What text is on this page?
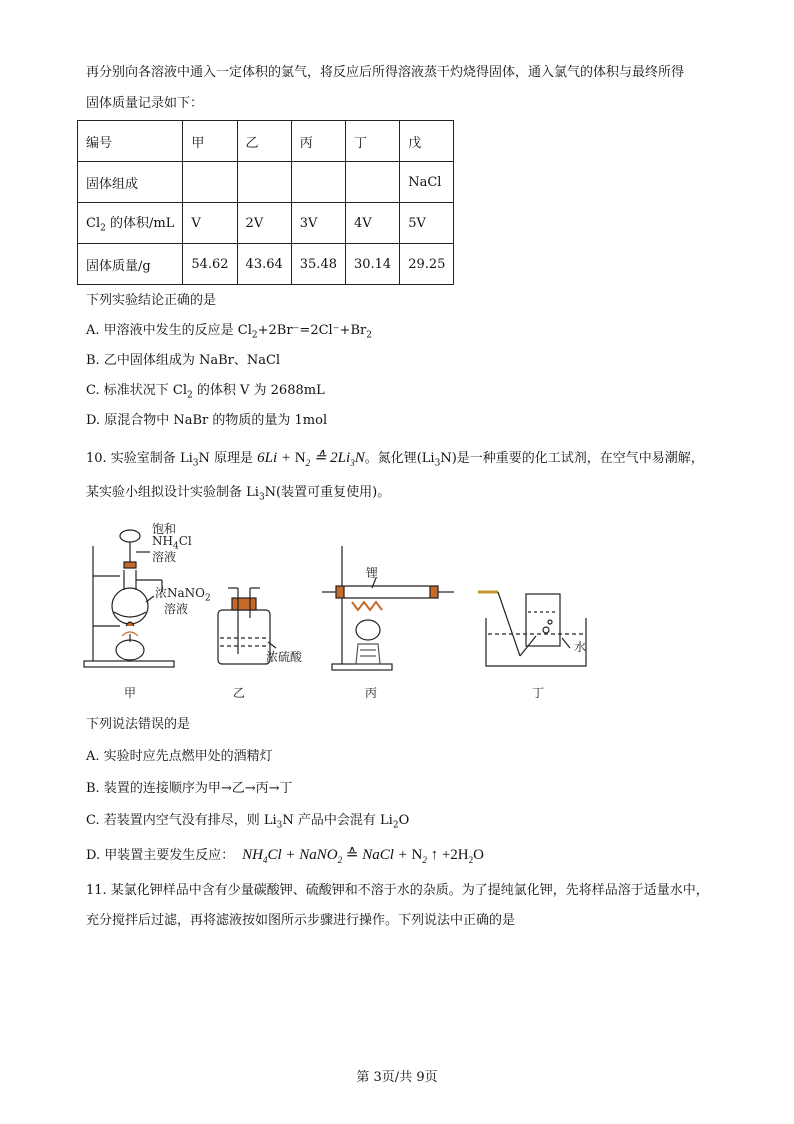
再分别向各溶液中通入一定体积的氯气，将反应后所得溶液蒸干灼烧得固体，通入氯气的体积与最终所得
固体质量记录如下：
编号	甲	乙	丙	丁	戊
固体组成					NaCl
$Cl_2$ 的体积/mL	V	2V	3V	4V	5V
固体质量/g	54.62	43.64	35.48	30.14	29.25
下列实验结论正确的是
A. 甲溶液中发生的反应是 $Cl_2+2Br^-=2Cl^-+Br_2$
B. 乙中固体组成为 NaBr、NaCl
C. 标准状况下 $Cl_2$ 的体积 V 为 2688mL
D. 原混合物中 NaBr 的物质的量为 1mol
10. 实验室制备 $Li_3N$ 原理是 $6Li + N_2$ ≙ $2Li_3N$。氮化锂$(Li_3N)$是一种重要的化工试剂，在空气中易潮解，
某实验小组拟设计实验制备 $Li_3N$(装置可重复使用)。
饱和
$NH_4Cl$
溶液
浓NaNO$_2$
溶液
浓硫酸
锂
水
甲	乙	丙	丁
下列说法错误的是
A. 实验时应先点燃甲处的酒精灯
B. 装置的连接顺序为甲→乙→丙→丁
C. 若装置内空气没有排尽，则 $Li_3N$ 产品中会混有 $Li_2O$
D. 甲装置主要发生反应：  $NH_4Cl$ + NaNO$_2$ ≙ NaCl + $N_2$ ↑ $+2H_2O$
11. 某氯化钾样品中含有少量碳酸钾、硫酸钾和不溶于水的杂质。为了提纯氯化钾，先将样品溶于适量水中，
充分搅拌后过滤，再将滤液按如图所示步骤进行操作。下列说法中正确的是
第 3页/共 9页
